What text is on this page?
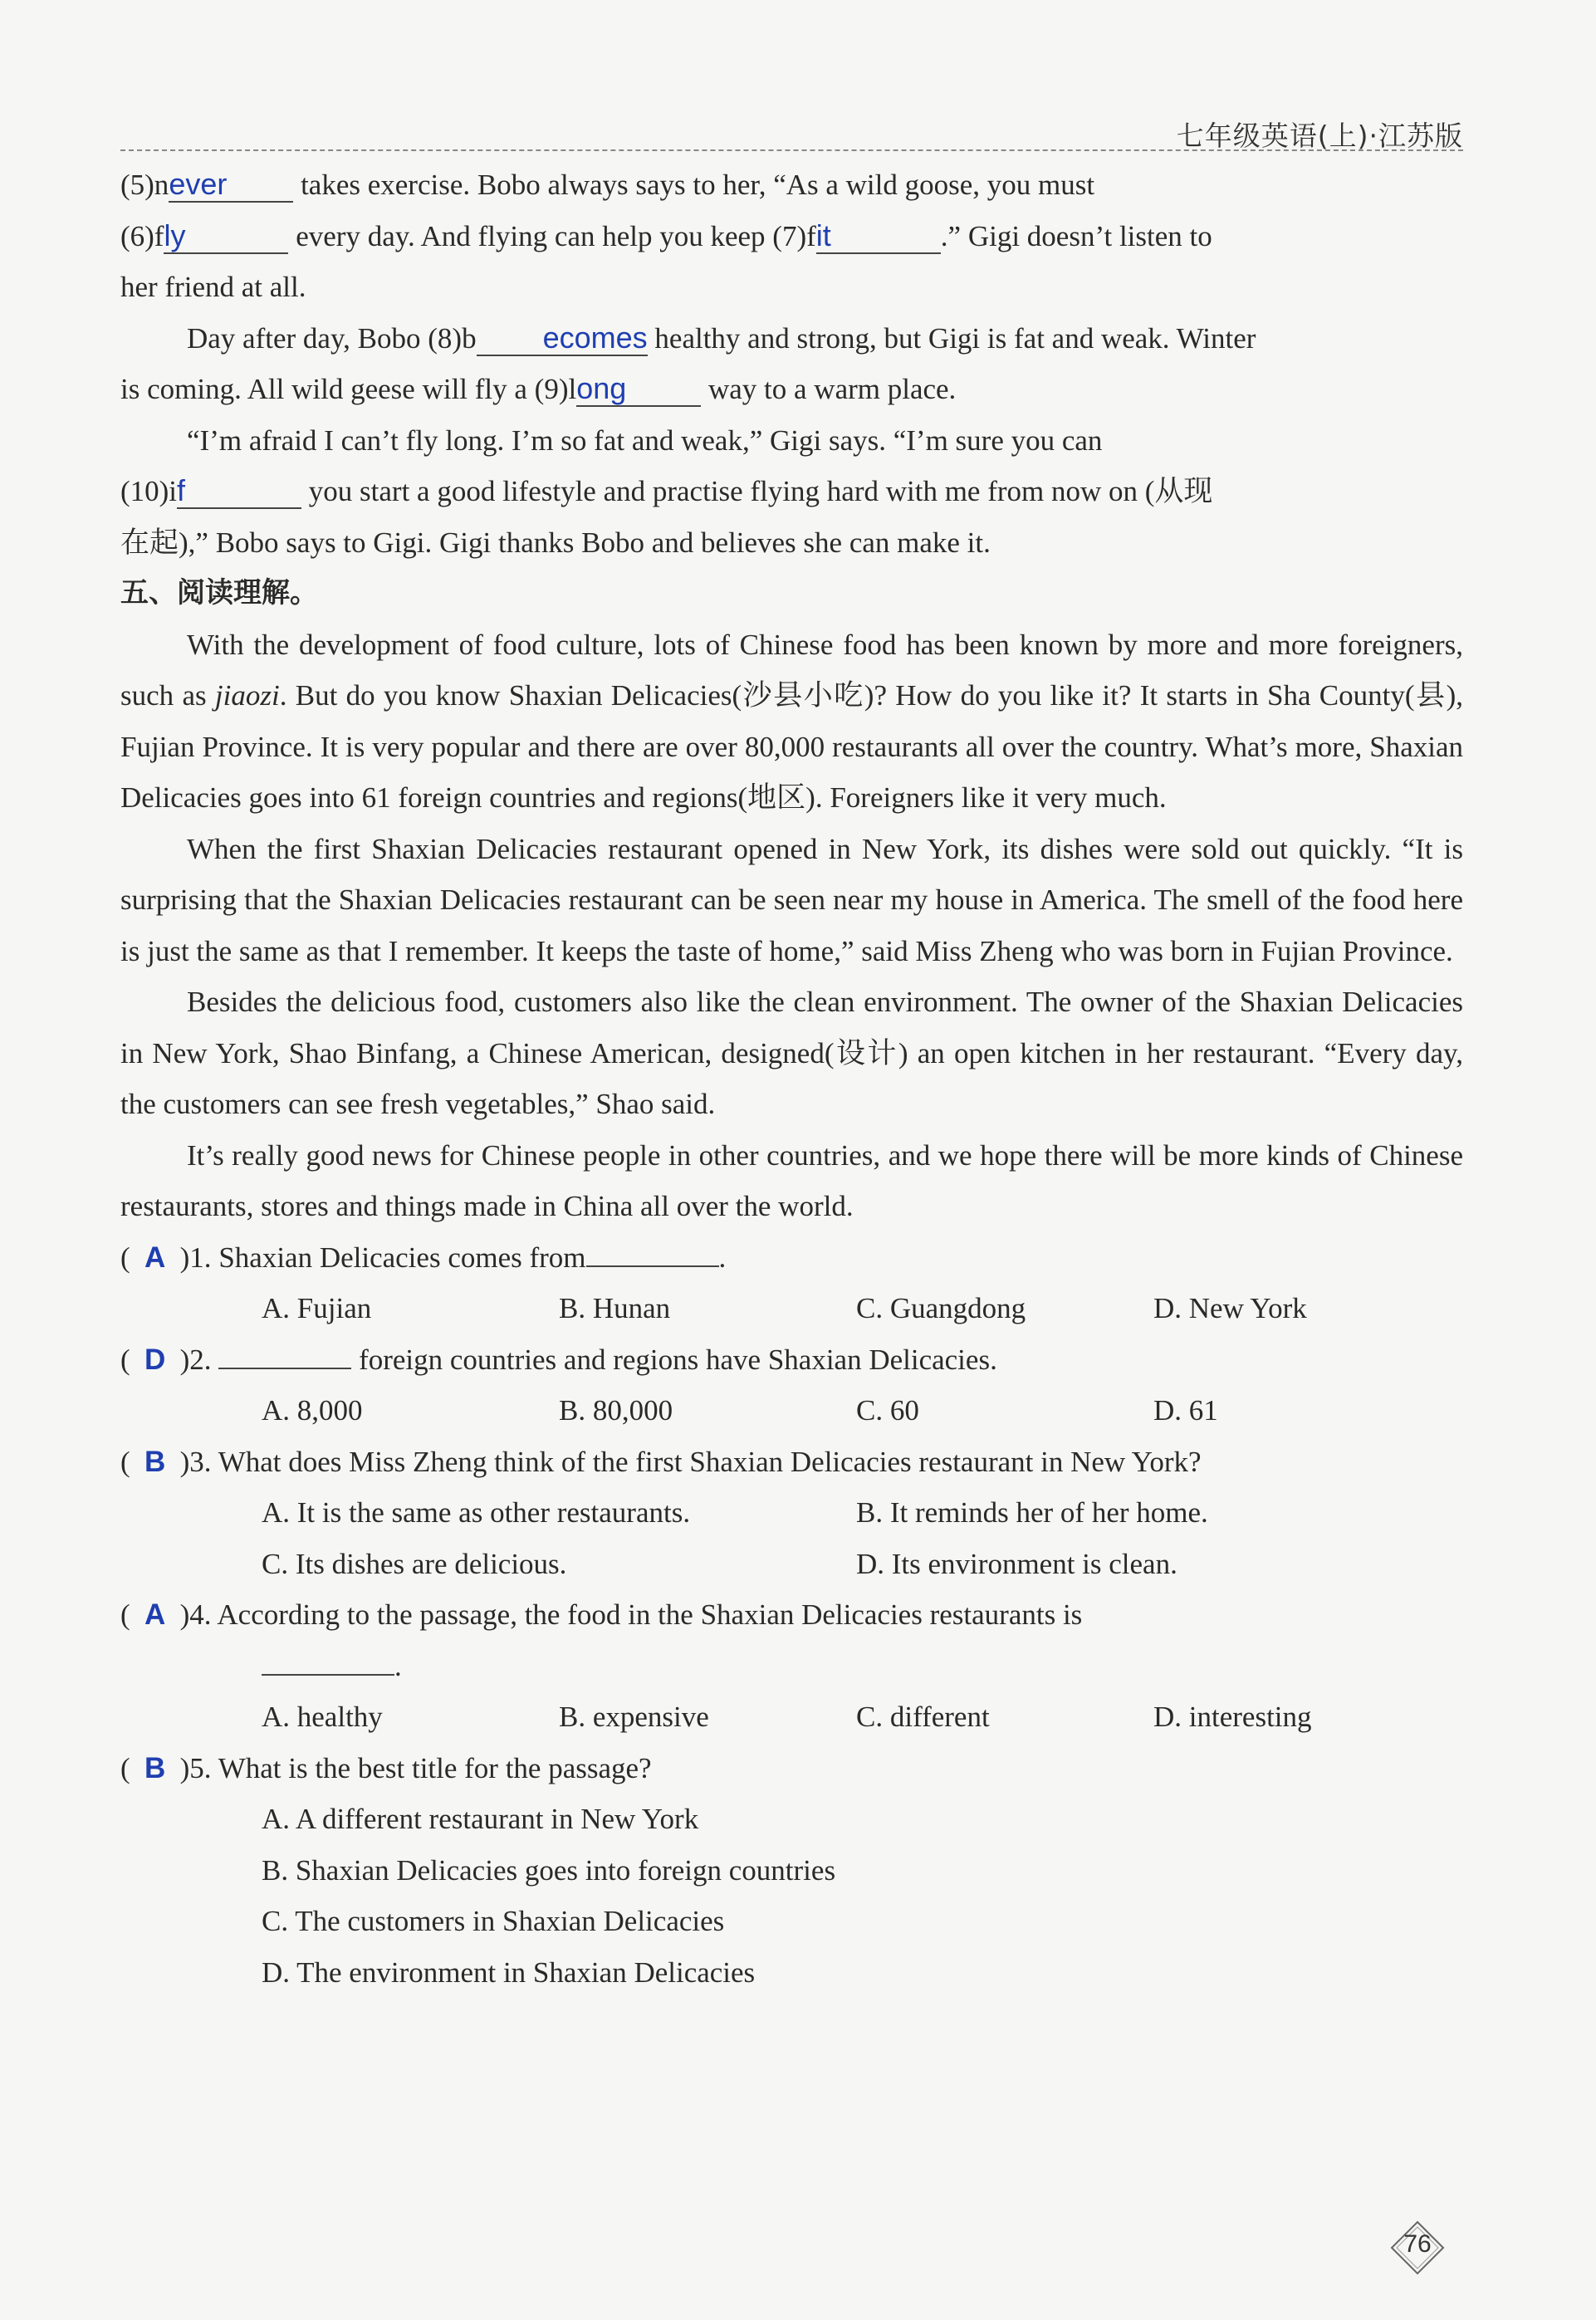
七年级英语(上)·江苏版

(5)never takes exercise. Bobo always says to her, “As a wild goose, you must

(6)fly	every day. And flying can help you keep (7)fit	.” Gigi doesn’t listen to

her friend at all.

Day after day, Bobo (8)b ecomes healthy and strong, but Gigi is fat and weak. Winter

is coming. All wild geese will fly a (9)long	way to a warm place.

“I’m afraid I can’t fly long. I’m so fat and weak,” Gigi says. “I’m sure you can

(10)if	you start a good lifestyle and practise flying hard with me from now on (从现

在起),” Bobo says to Gigi. Gigi thanks Bobo and believes she can make it.

五、阅读理解。

With the development of food culture, lots of Chinese food has been known by more and more foreigners, such as jiaozi. But do you know Shaxian Delicacies(沙县小吃)? How do you like it? It starts in Sha County(县), Fujian Province. It is very popular and there are over 80,000 restaurants all over the country. What’s more, Shaxian Delicacies goes into 61 foreign countries and regions(地区). Foreigners like it very much.

When the first Shaxian Delicacies restaurant opened in New York, its dishes were sold out quickly. “It is surprising that the Shaxian Delicacies restaurant can be seen near my house in America. The smell of the food here is just the same as that I remember. It keeps the taste of home,” said Miss Zheng who was born in Fujian Province.

Besides the delicious food, customers also like the clean environment. The owner of the Shaxian Delicacies in New York, Shao Binfang, a Chinese American, designed(设计) an open kitchen in her restaurant. “Every day, the customers can see fresh vegetables,” Shao said.

It’s really good news for Chinese people in other countries, and we hope there will be more kinds of Chinese restaurants, stores and things made in China all over the world.

( A )1. Shaxian Delicacies comes from	.

A. Fujian	B. Hunan	C. Guangdong	D. New York

( D )2.	foreign countries and regions have Shaxian Delicacies.

A. 8,000	B. 80,000	C. 60	D. 61

( B )3. What does Miss Zheng think of the first Shaxian Delicacies restaurant in New York?

A. It is the same as other restaurants.	B. It reminds her of her home.
C. Its dishes are delicious.	D. Its environment is clean.

( A )4. According to the passage, the food in the Shaxian Delicacies restaurants is

.

A. healthy	B. expensive	C. different	D. interesting

( B )5. What is the best title for the passage?

A. A different restaurant in New York

B. Shaxian Delicacies goes into foreign countries

C. The customers in Shaxian Delicacies

D. The environment in Shaxian Delicacies

76
